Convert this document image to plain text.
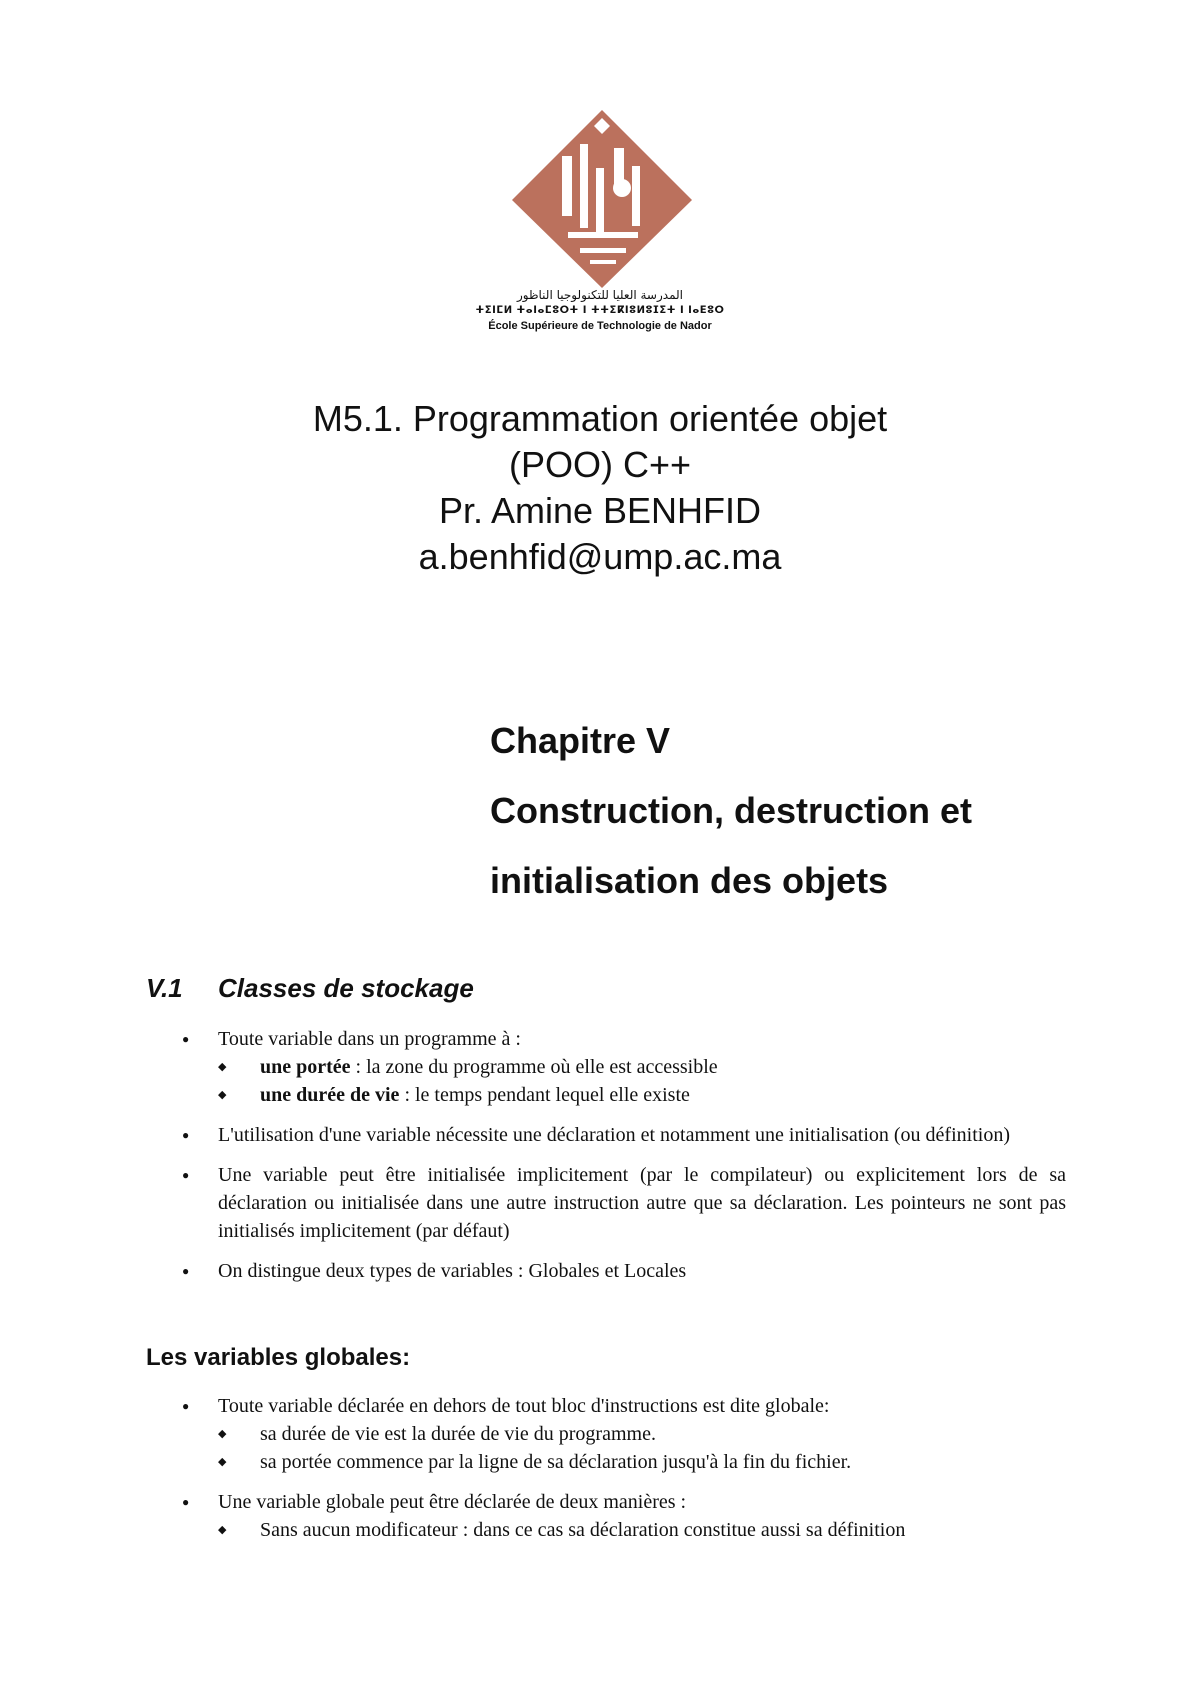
المدرسة العليا للتكنولوجيا الناظور
ⵜⵉⵏⵎⵍ ⵜⴰⵏⴰⵎⵓⵔⵜ ⵏ ⵜⵜⵉⴽⵏⵓⵍⵓⵊⵉⵜ ⵏ ⵏⴰⴹⵓⵔ
École Supérieure de Technologie de Nador
M5.1. Programmation orientée objet
(POO) C++
Pr. Amine BENHFID
a.benhfid@ump.ac.ma
Chapitre V
Construction, destruction et
initialisation des objets
V.1 Classes de stockage
● Toute variable dans un programme à :
◆ une portée : la zone du programme où elle est accessible
◆ une durée de vie : le temps pendant lequel elle existe
● L'utilisation d'une variable nécessite une déclaration et notamment une initialisation (ou définition)
● Une variable peut être initialisée implicitement (par le compilateur) ou explicitement lors de sa déclaration ou initialisée dans une autre instruction autre que sa déclaration. Les pointeurs ne sont pas initialisés implicitement (par défaut)
● On distingue deux types de variables : Globales et Locales
Les variables globales:
● Toute variable déclarée en dehors de tout bloc d'instructions est dite globale:
◆ sa durée de vie est la durée de vie du programme.
◆ sa portée commence par la ligne de sa déclaration jusqu'à la fin du fichier.
● Une variable globale peut être déclarée de deux manières :
◆ Sans aucun modificateur : dans ce cas sa déclaration constitue aussi sa définition
